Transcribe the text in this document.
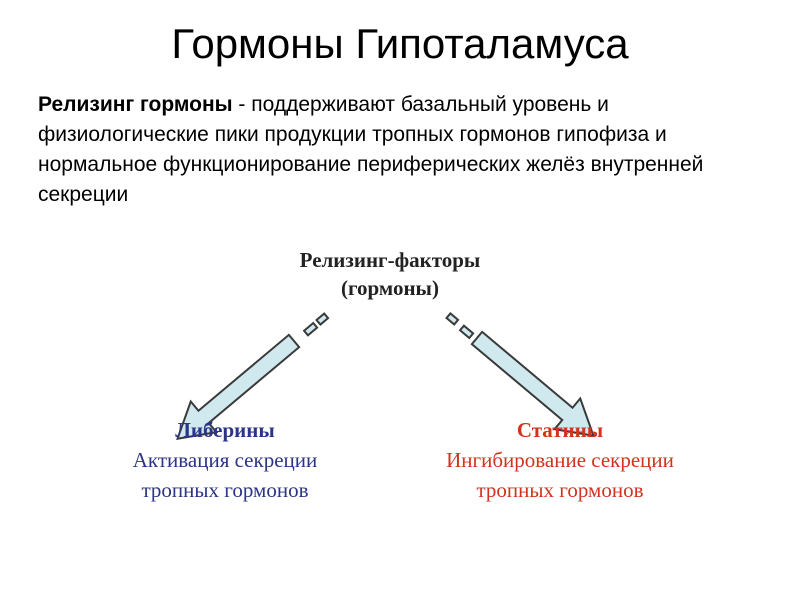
Гормоны Гипоталамуса
Релизинг гормоны - поддерживают базальный уровень и физиологические пики продукции тропных гормонов гипофиза и нормальное функционирование периферических желёз внутренней секреции
Релизинг-факторы
(гормоны)
Либерины
Активация секреции
тропных гормонов
Статины
Ингибирование секреции
тропных гормонов
